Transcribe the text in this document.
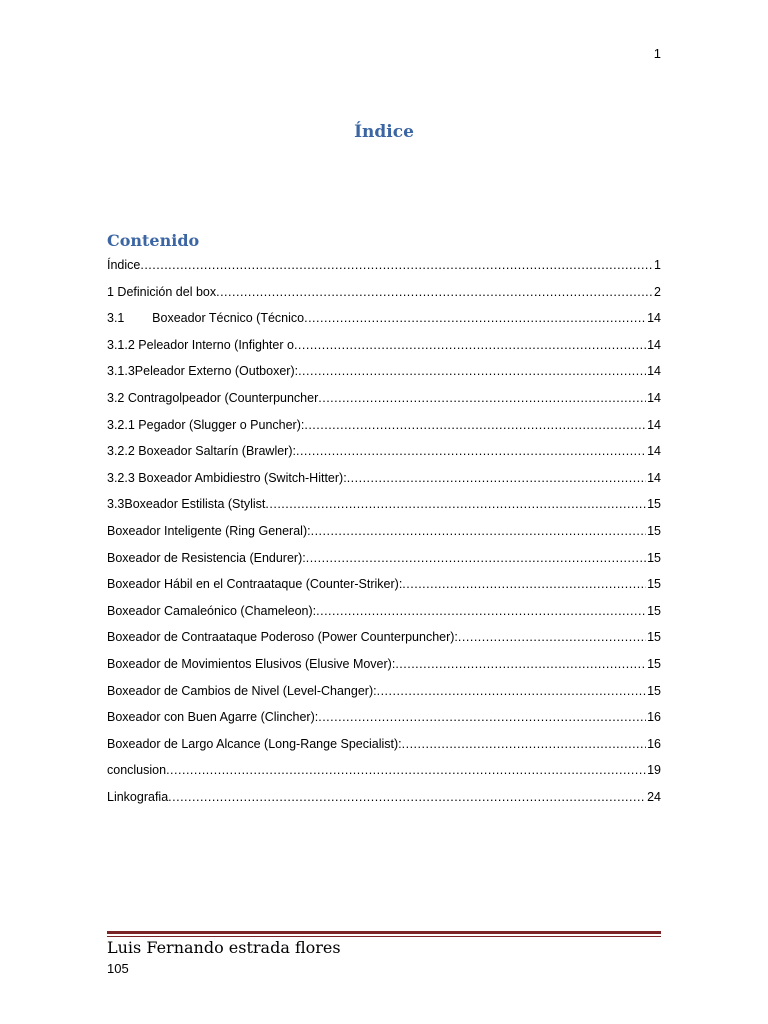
1
Índice
Contenido
Índice .....	1
1 Definición del box .....	2
3.1        Boxeador Técnico (Técnico .....	14
3.1.2 Peleador Interno (Infighter o .....	14
3.1.3Peleador Externo (Outboxer): .....	14
3.2 Contragolpeador (Counterpuncher .....	14
3.2.1 Pegador (Slugger o Puncher): .....	14
3.2.2 Boxeador Saltarín (Brawler): .....	14
3.2.3 Boxeador Ambidiestro (Switch-Hitter): .....	14
3.3Boxeador Estilista (Stylist .....	15
Boxeador Inteligente (Ring General): .....	15
Boxeador de Resistencia (Endurer): .....	15
Boxeador Hábil en el Contraataque (Counter-Striker): .....	15
Boxeador Camaleónico (Chameleon): .....	15
Boxeador de Contraataque Poderoso (Power Counterpuncher): .....	15
Boxeador de Movimientos Elusivos (Elusive Mover): .....	15
Boxeador de Cambios de Nivel (Level-Changer): .....	15
Boxeador con Buen Agarre (Clincher): .....	16
Boxeador de Largo Alcance (Long-Range Specialist): .....	16
conclusion .....	19
Linkografia .....	24
Luis Fernando estrada flores
105
